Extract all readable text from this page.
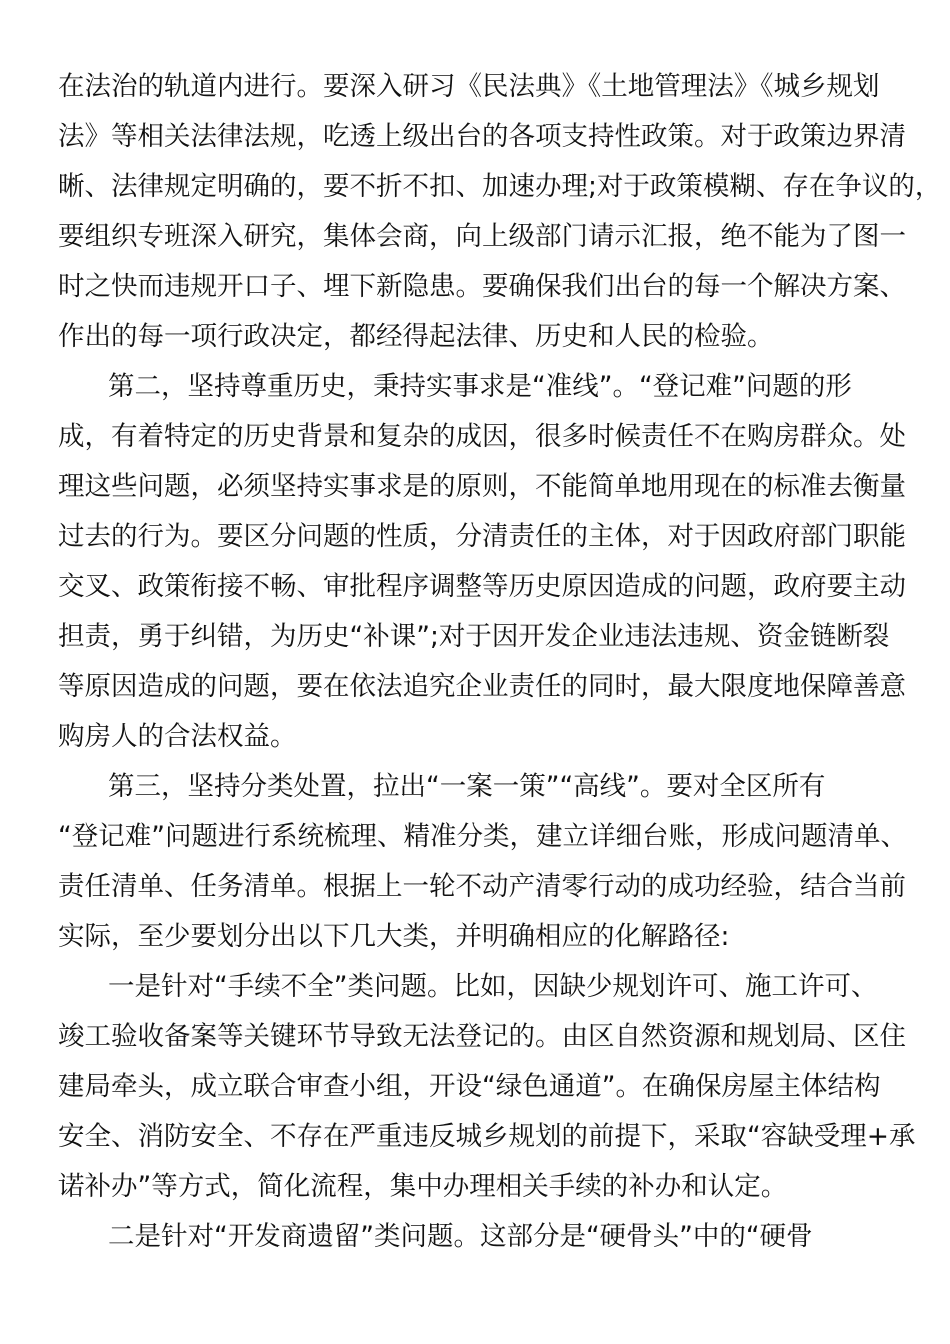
在法治的轨道内进行。要深入研习《民法典》《土地管理法》《城乡规划
法》等相关法律法规，吃透上级出台的各项支持性政策。对于政策边界清
晰、法律规定明确的，要不折不扣、加速办理;对于政策模糊、存在争议的，
要组织专班深入研究，集体会商，向上级部门请示汇报，绝不能为了图一
时之快而违规开口子、埋下新隐患。要确保我们出台的每一个解决方案、
作出的每一项行政决定，都经得起法律、历史和人民的检验。
第二，坚持尊重历史，秉持实事求是“准线”。“登记难”问题的形
成，有着特定的历史背景和复杂的成因，很多时候责任不在购房群众。处
理这些问题，必须坚持实事求是的原则，不能简单地用现在的标准去衡量
过去的行为。要区分问题的性质，分清责任的主体，对于因政府部门职能
交叉、政策衔接不畅、审批程序调整等历史原因造成的问题，政府要主动
担责，勇于纠错，为历史“补课”;对于因开发企业违法违规、资金链断裂
等原因造成的问题，要在依法追究企业责任的同时，最大限度地保障善意
购房人的合法权益。
第三，坚持分类处置，拉出“一案一策”“高线”。要对全区所有
“登记难”问题进行系统梳理、精准分类，建立详细台账，形成问题清单、
责任清单、任务清单。根据上一轮不动产清零行动的成功经验，结合当前
实际，至少要划分出以下几大类，并明确相应的化解路径:
一是针对“手续不全”类问题。比如，因缺少规划许可、施工许可、
竣工验收备案等关键环节导致无法登记的。由区自然资源和规划局、区住
建局牵头，成立联合审查小组，开设“绿色通道”。在确保房屋主体结构
安全、消防安全、不存在严重违反城乡规划的前提下，采取“容缺受理+承
诺补办”等方式，简化流程，集中办理相关手续的补办和认定。
二是针对“开发商遗留”类问题。这部分是“硬骨头”中的“硬骨
